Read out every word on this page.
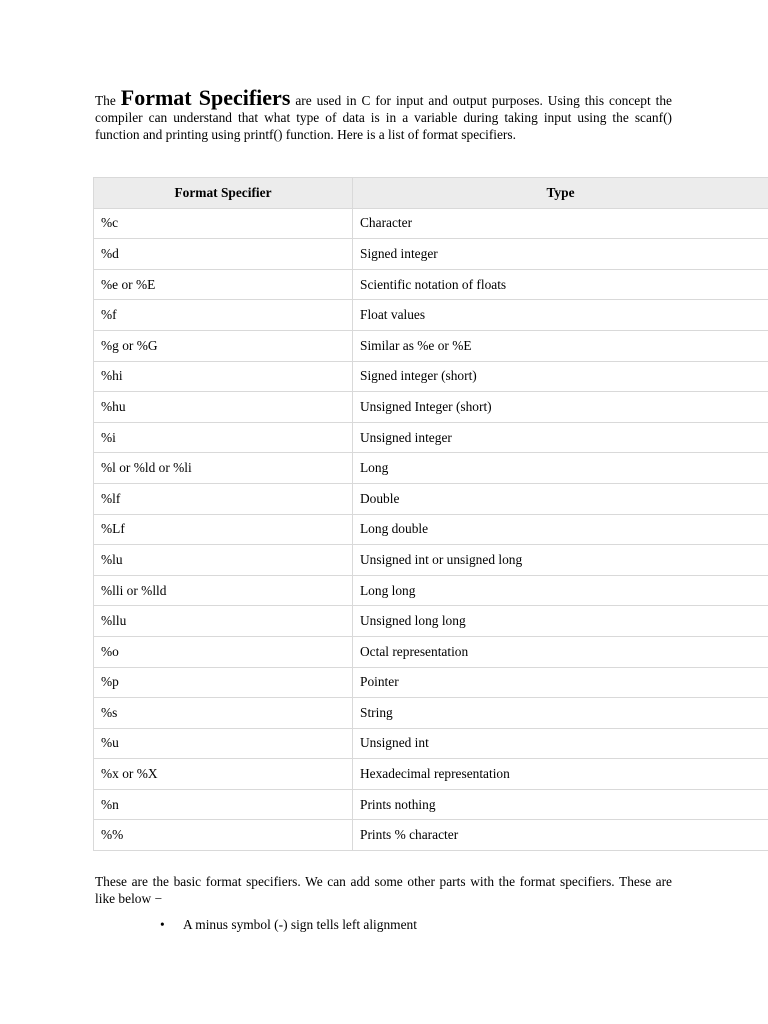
The Format Specifiers are used in C for input and output purposes. Using this concept the compiler can understand that what type of data is in a variable during taking input using the scanf() function and printing using printf() function. Here is a list of format specifiers.

Format Specifier	Type
%c	Character
%d	Signed integer
%e or %E	Scientific notation of floats
%f	Float values
%g or %G	Similar as %e or %E
%hi	Signed integer (short)
%hu	Unsigned Integer (short)
%i	Unsigned integer
%l or %ld or %li	Long
%lf	Double
%Lf	Long double
%lu	Unsigned int or unsigned long
%lli or %lld	Long long
%llu	Unsigned long long
%o	Octal representation
%p	Pointer
%s	String
%u	Unsigned int
%x or %X	Hexadecimal representation
%n	Prints nothing
%%	Prints % character

These are the basic format specifiers. We can add some other parts with the format specifiers. These are like below −

• A minus symbol (-) sign tells left alignment
